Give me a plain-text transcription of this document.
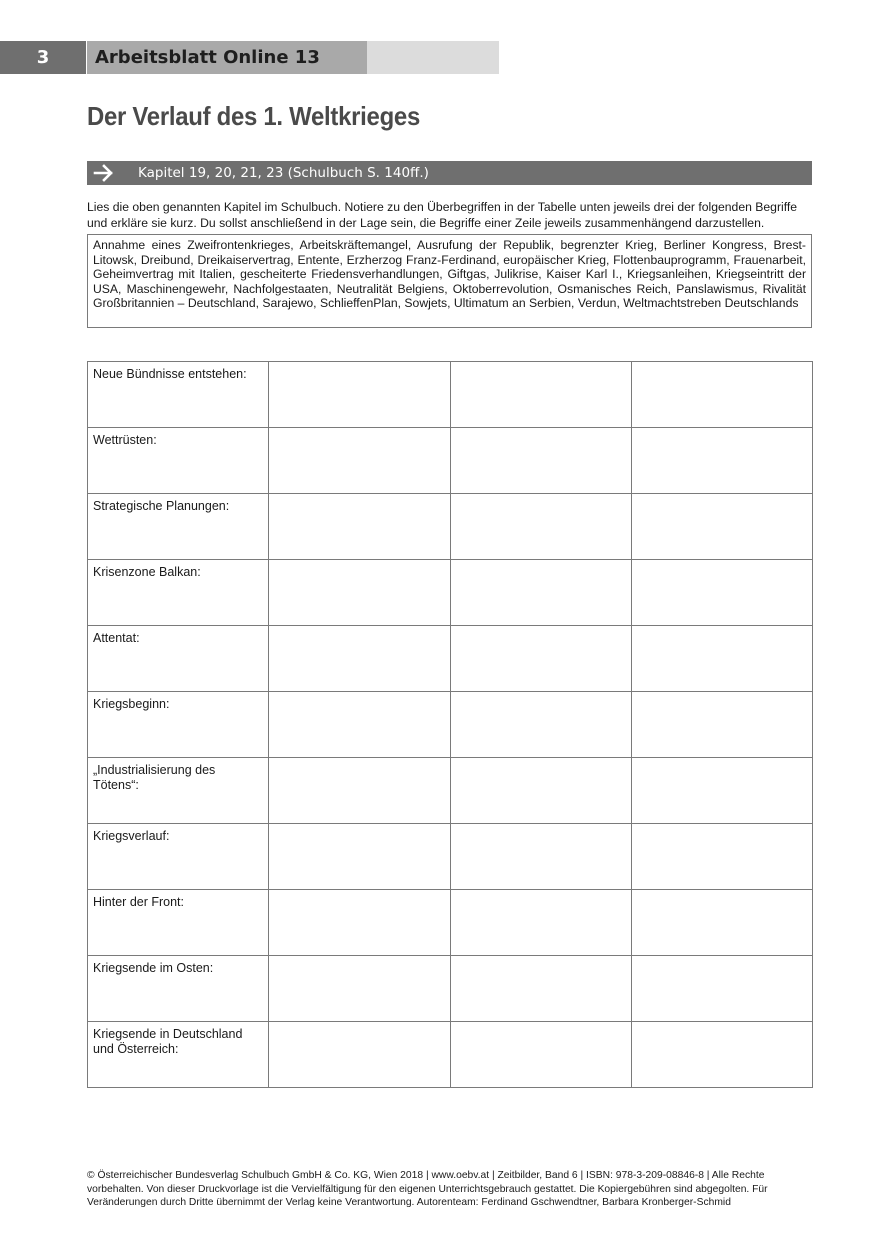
3	Arbeitsblatt Online 13
Der Verlauf des 1. Weltkrieges
Kapitel 19, 20, 21, 23 (Schulbuch S. 140ff.)

Lies die oben genannten Kapitel im Schulbuch. Notiere zu den Überbegriffen in der Tabelle unten jeweils drei der folgenden Begriffe und erkläre sie kurz. Du sollst anschließend in der Lage sein, die Begriffe einer Zeile jeweils zusammenhängend darzustellen.

Annahme eines Zweifrontenkrieges, Arbeitskräftemangel, Ausrufung der Republik, begrenzter Krieg, Berliner Kongress, Brest-Litowsk, Dreibund, Dreikaiservertrag, Entente, Erzherzog Franz-Ferdinand, europäischer Krieg, Flottenbauprogramm, Frauenarbeit, Geheimvertrag mit Italien, gescheiterte Friedensverhandlungen, Giftgas, Julikrise, Kaiser Karl I., Kriegsanleihen, Kriegseintritt der USA, Maschinengewehr, Nachfolgestaaten, Neutralität Belgiens, Oktoberrevolution, Osmanisches Reich, Panslawismus, Rivalität Großbritannien – Deutschland, Sarajewo, SchlieffenPlan, Sowjets, Ultimatum an Serbien, Verdun, Weltmachtstreben Deutschlands
Neue Bündnisse entstehen:			
Wettrüsten:			
Strategische Planungen:			
Krisenzone Balkan:			
Attentat:			
Kriegsbeginn:			
„Industrialisierung des Tötens“:			
Kriegsverlauf:			
Hinter der Front:			
Kriegsende im Osten:			
Kriegsende in Deutschland und Österreich:			

© Österreichischer Bundesverlag Schulbuch GmbH & Co. KG, Wien 2018 | www.oebv.at | Zeitbilder, Band 6 | ISBN: 978-3-209-08846-8 | Alle Rechte vorbehalten. Von dieser Druckvorlage ist die Vervielfältigung für den eigenen Unterrichtsgebrauch gestattet. Die Kopiergebühren sind abgegolten. Für Veränderungen durch Dritte übernimmt der Verlag keine Verantwortung. Autorenteam: Ferdinand Gschwendtner, Barbara Kronberger-Schmid
